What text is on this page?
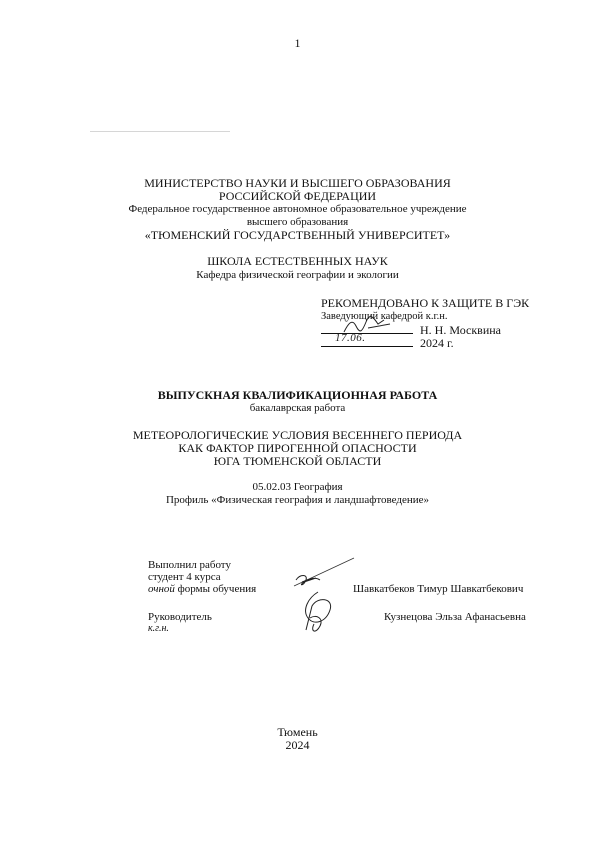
1
МИНИСТЕРСТВО НАУКИ И ВЫСШЕГО ОБРАЗОВАНИЯ
РОССИЙСКОЙ ФЕДЕРАЦИИ
Федеральное государственное автономное образовательное учреждение
высшего образования
«ТЮМЕНСКИЙ ГОСУДАРСТВЕННЫЙ УНИВЕРСИТЕТ»
ШКОЛА ЕСТЕСТВЕННЫХ НАУК
Кафедра физической географии и экологии
РЕКОМЕНДОВАНО К ЗАЩИТЕ В ГЭК
Заведующий кафедрой к.г.н.
Н. Н. Москвина
17.06.	2024 г.
ВЫПУСКНАЯ КВАЛИФИКАЦИОННАЯ РАБОТА
бакалаврская работа
МЕТЕОРОЛОГИЧЕСКИЕ УСЛОВИЯ ВЕСЕННЕГО ПЕРИОДА
КАК ФАКТОР ПИРОГЕННОЙ ОПАСНОСТИ
ЮГА ТЮМЕНСКОЙ ОБЛАСТИ
05.02.03 География
Профиль «Физическая география и ландшафтоведение»
Выполнил работу
студент 4 курса
очной формы обучения	Шавкатбеков Тимур Шавкатбекович
Руководитель
к.г.н.
Кузнецова Эльза Афанасьевна
Тюмень
2024
